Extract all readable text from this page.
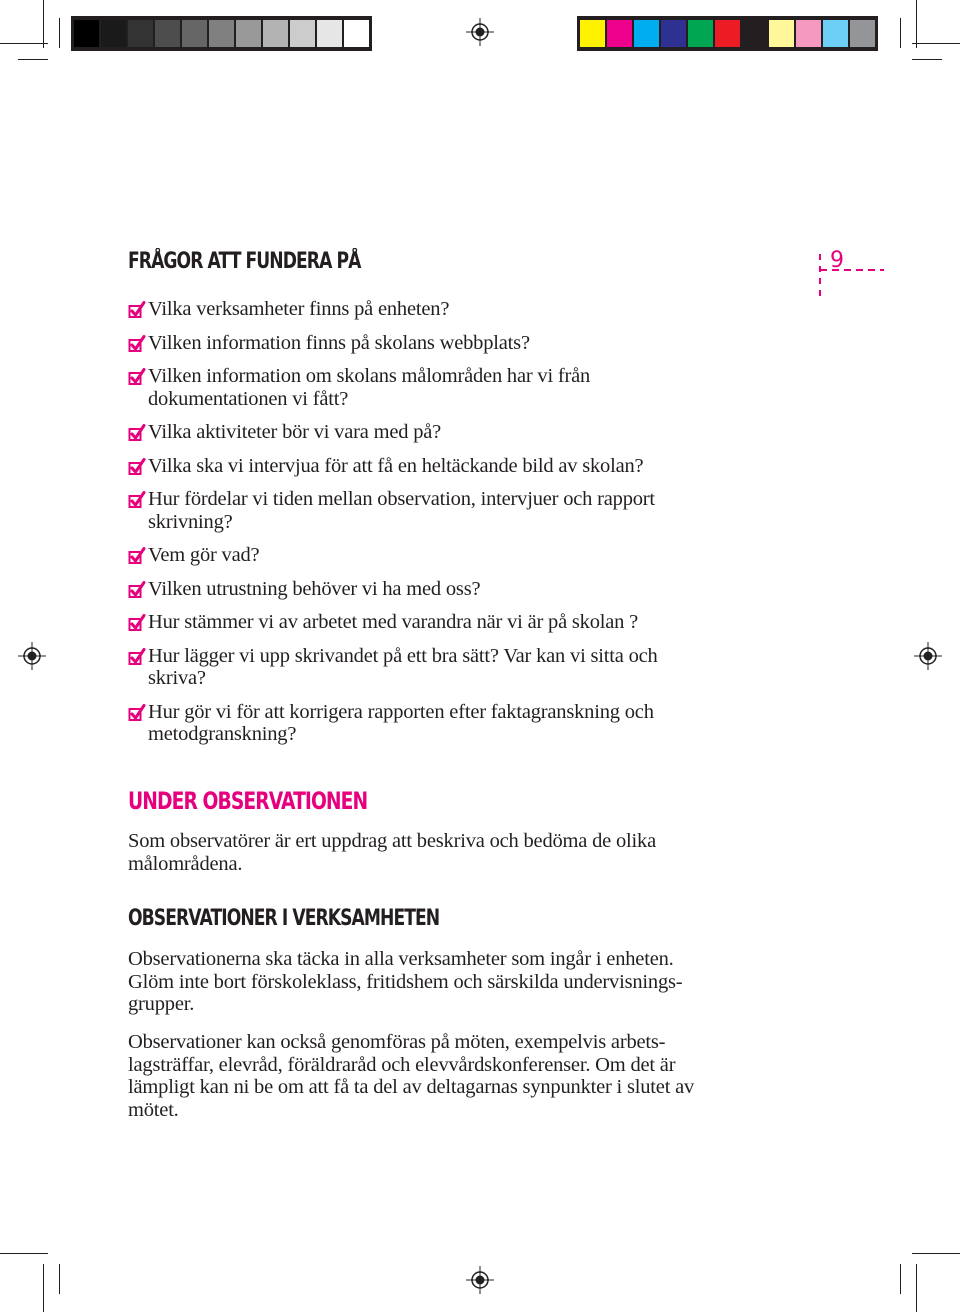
9
FRÅGOR ATT FUNDERA PÅ
Vilka verksamheter finns på enheten?
Vilken information finns på skolans webbplats?
Vilken information om skolans målområden har vi från
dokumentationen vi fått?
Vilka aktiviteter bör vi vara med på?
Vilka ska vi intervjua för att få en heltäckande bild av skolan?
Hur fördelar vi tiden mellan observation, intervjuer och rapport
skrivning?
Vem gör vad?
Vilken utrustning behöver vi ha med oss?
Hur stämmer vi av arbetet med varandra när vi är på skolan ?
Hur lägger vi upp skrivandet på ett bra sätt? Var kan vi sitta och
skriva?
Hur gör vi för att korrigera rapporten efter faktagranskning och
metodgranskning?
UNDER OBSERVATIONEN
Som observatörer är ert uppdrag att beskriva och bedöma de olika
målområdena.
OBSERVATIONER I VERKSAMHETEN
Observationerna ska täcka in alla verksamheter som ingår i enheten.
Glöm inte bort förskoleklass, fritidshem och särskilda undervisnings-
grupper.
Observationer kan också genomföras på möten, exempelvis arbets-
lagsträffar, elevråd, föräldraråd och elevvårdskonferenser. Om det är
lämpligt kan ni be om att få ta del av deltagarnas synpunkter i slutet av
mötet.
